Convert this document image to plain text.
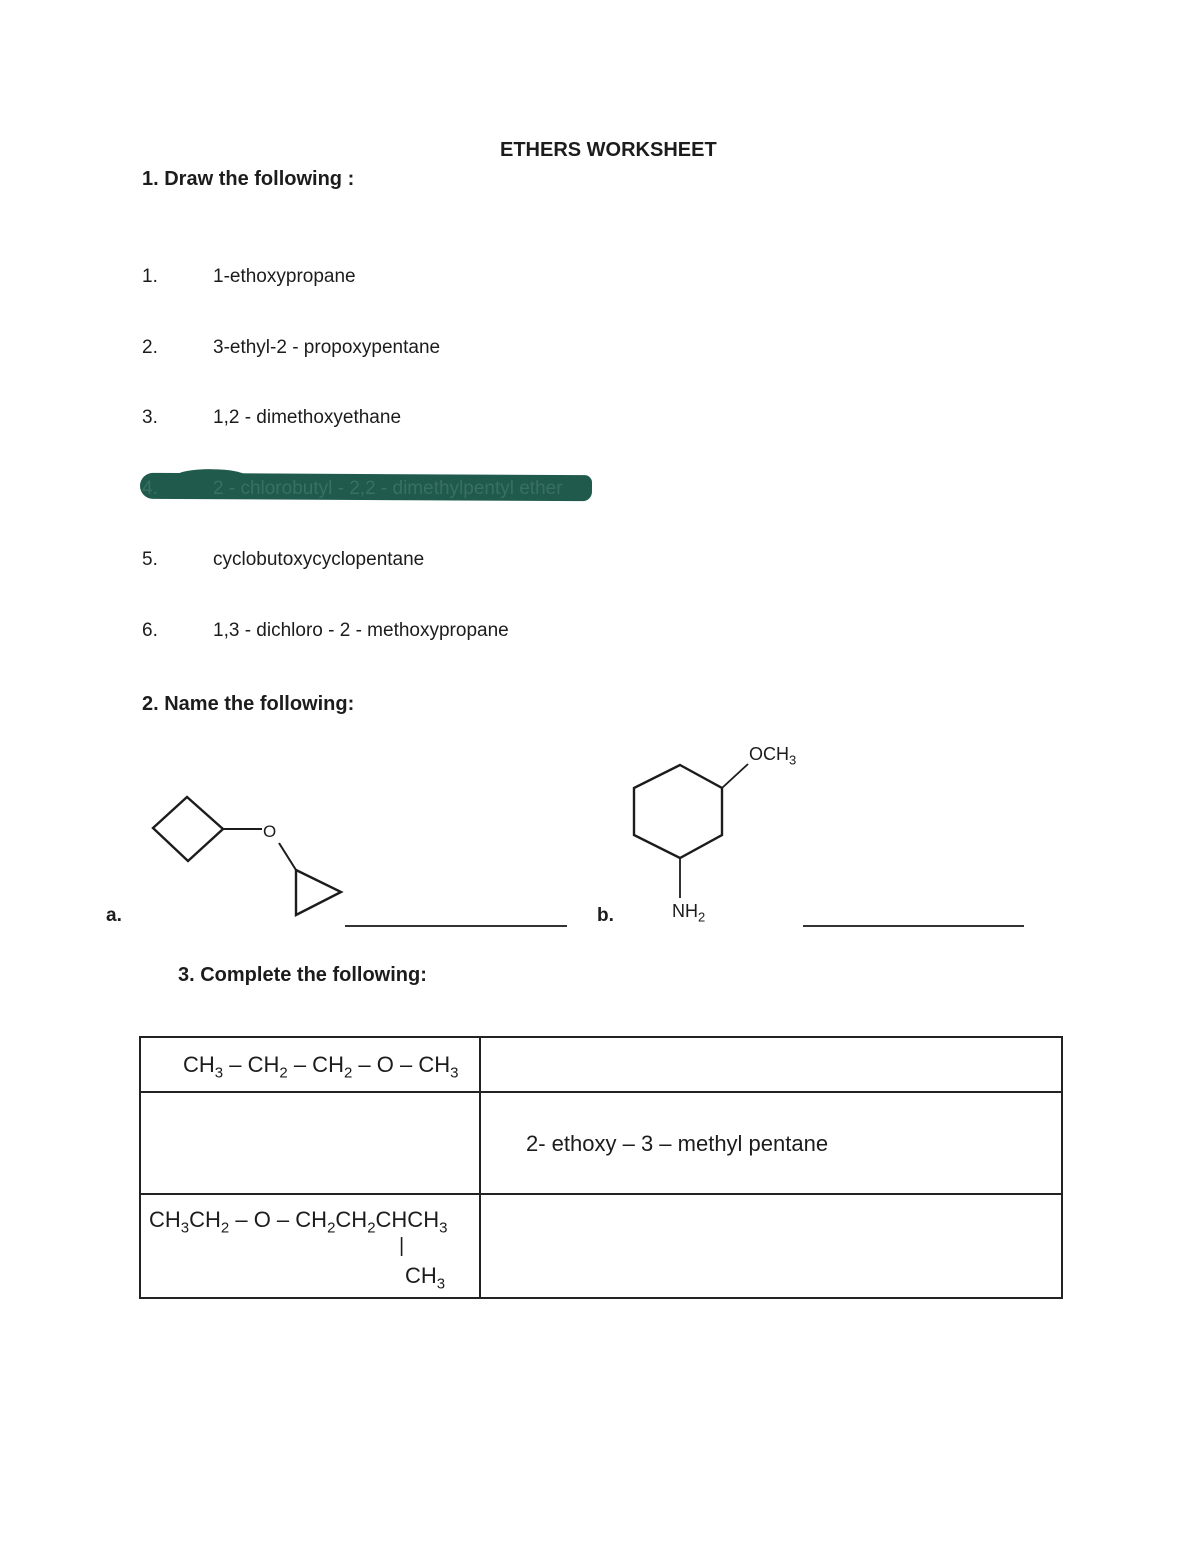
ETHERS WORKSHEET
1. Draw the following :
1.	1-ethoxypropane
2.	3-ethyl-2 - propoxypentane
3.	1,2 - dimethoxyethane
4.	2 - chlorobutyl - 2,2 - dimethylpentyl ether
5.	cyclobutoxycyclopentane
6.	1,3 - dichloro - 2 - methoxypropane
2. Name the following:
O
a.
$OCH_3$
$NH_2$
b.
3. Complete the following:
$CH_3 - CH_2 - CH_2$ – O – $CH_3$

	2- ethoxy – 3 – methyl pentane

$CH_3CH_2$ – O – $CH_2CH_2CHCH_3$
|
$CH_3$
